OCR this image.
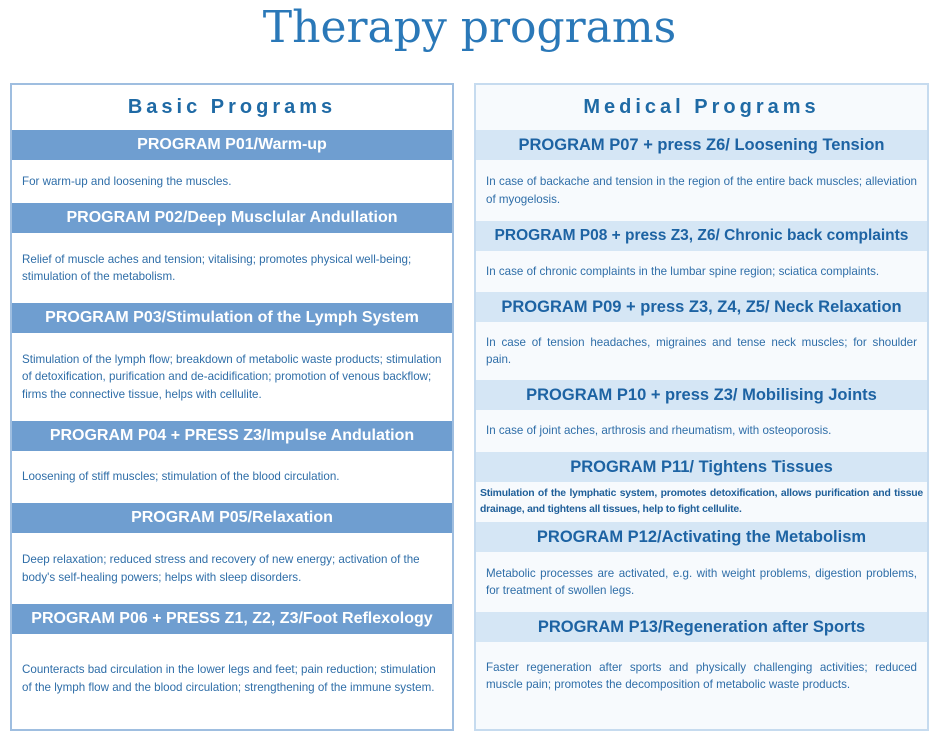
Therapy programs
Basic Programs
PROGRAM P01/Warm-up
For warm-up and loosening the muscles.
PROGRAM P02/Deep Musclular Andullation
Relief of muscle aches and tension; vitalising; promotes physical well-being; stimulation of the metabolism.
PROGRAM P03/Stimulation of the Lymph System
Stimulation of the lymph flow; breakdown of metabolic waste products; stimulation of detoxification, purification and de-acidification; promotion of venous backflow; firms the connective tissue, helps with cellulite.
PROGRAM P04 + PRESS Z3/Impulse Andulation
Loosening of stiff muscles; stimulation of the blood circulation.
PROGRAM P05/Relaxation
Deep relaxation; reduced stress and recovery of new energy; activation of the body's self-healing powers; helps with sleep disorders.
PROGRAM P06 + PRESS Z1, Z2, Z3/Foot Reflexology
Counteracts bad circulation in the lower legs and feet; pain reduction; stimulation of the lymph flow and the blood circulation; strengthening of the immune system.
Medical Programs
PROGRAM P07 + press Z6/ Loosening Tension
In case of backache and tension in the region of the entire back muscles; alleviation of myogelosis.
PROGRAM P08 + press Z3, Z6/ Chronic back complaints
In case of chronic complaints in the lumbar spine region; sciatica complaints.
PROGRAM P09 + press Z3, Z4, Z5/ Neck Relaxation
In case of tension headaches, migraines and tense neck muscles; for shoulder pain.
PROGRAM P10 + press Z3/ Mobilising Joints
In case of joint aches, arthrosis and rheumatism, with osteoporosis.
PROGRAM P11/ Tightens Tissues
Stimulation of the lymphatic system, promotes detoxification, allows purification and tissue drainage, and tightens all tissues, help to fight cellulite.
PROGRAM P12/Activating the Metabolism
Metabolic processes are activated, e.g. with weight problems, digestion problems, for treatment of swollen legs.
PROGRAM P13/Regeneration after Sports
Faster regeneration after sports and physically challenging activities; reduced muscle pain; promotes the decomposition of metabolic waste products.
